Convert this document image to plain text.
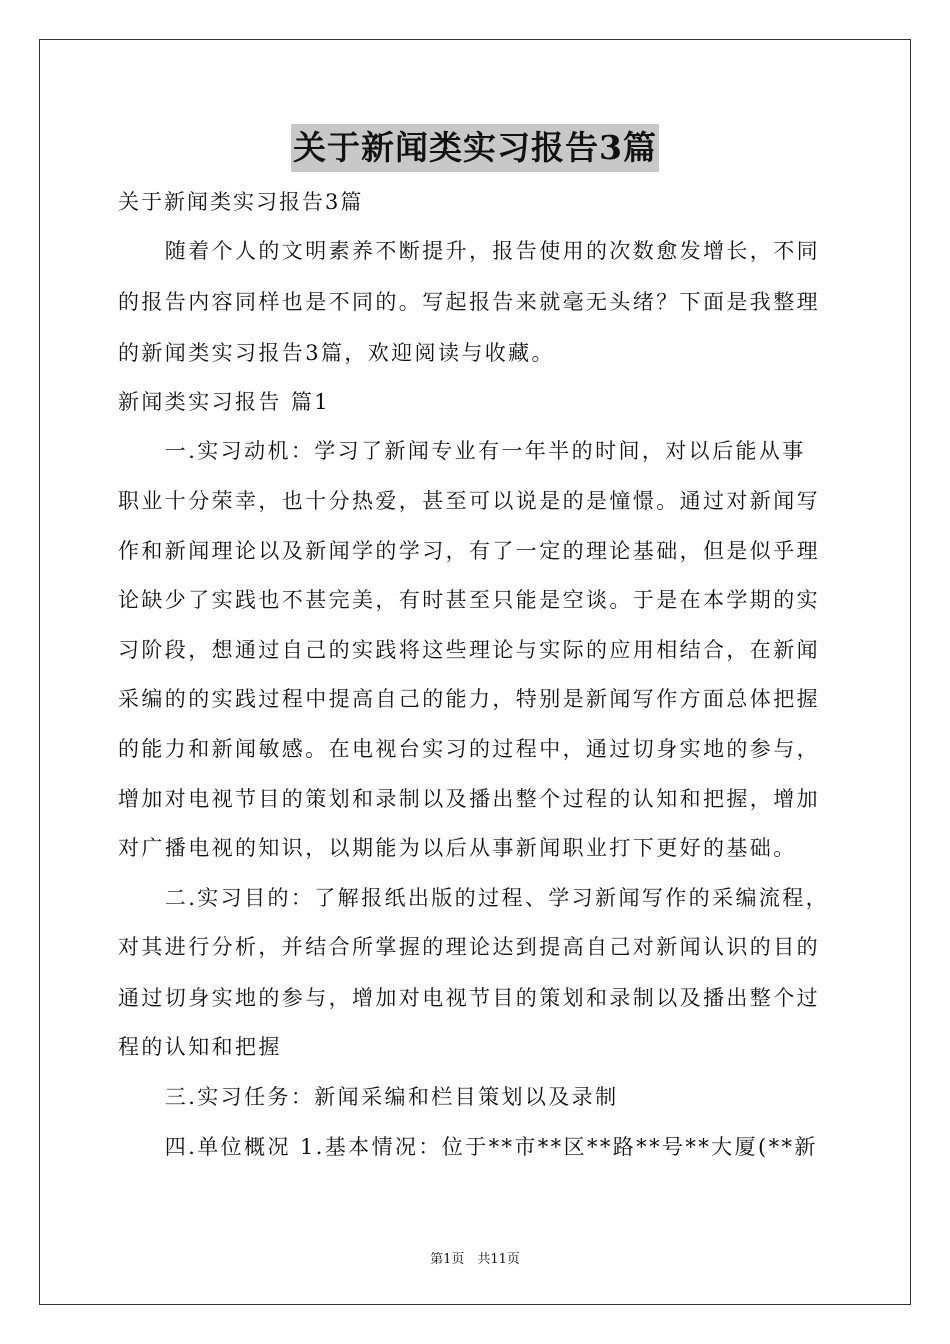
关于新闻类实习报告3篇
关于新闻类实习报告3篇
　　随着个人的文明素养不断提升，报告使用的次数愈发增长，不同
的报告内容同样也是不同的。写起报告来就毫无头绪？下面是我整理
的新闻类实习报告3篇，欢迎阅读与收藏。
新闻类实习报告 篇1
　　一.实习动机：学习了新闻专业有一年半的时间，对以后能从事
职业十分荣幸，也十分热爱，甚至可以说是的是憧憬。通过对新闻写
作和新闻理论以及新闻学的学习，有了一定的理论基础，但是似乎理
论缺少了实践也不甚完美，有时甚至只能是空谈。于是在本学期的实
习阶段，想通过自己的实践将这些理论与实际的应用相结合，在新闻
采编的的实践过程中提高自己的能力，特别是新闻写作方面总体把握
的能力和新闻敏感。在电视台实习的过程中，通过切身实地的参与，
增加对电视节目的策划和录制以及播出整个过程的认知和把握，增加
对广播电视的知识，以期能为以后从事新闻职业打下更好的基础。
　　二.实习目的：了解报纸出版的过程、学习新闻写作的采编流程，
对其进行分析，并结合所掌握的理论达到提高自己对新闻认识的目的
通过切身实地的参与，增加对电视节目的策划和录制以及播出整个过
程的认知和把握
　　三.实习任务：新闻采编和栏目策划以及录制
　　四.单位概况 1.基本情况：位于**市**区**路**号**大厦(**新
第1页　共11页
